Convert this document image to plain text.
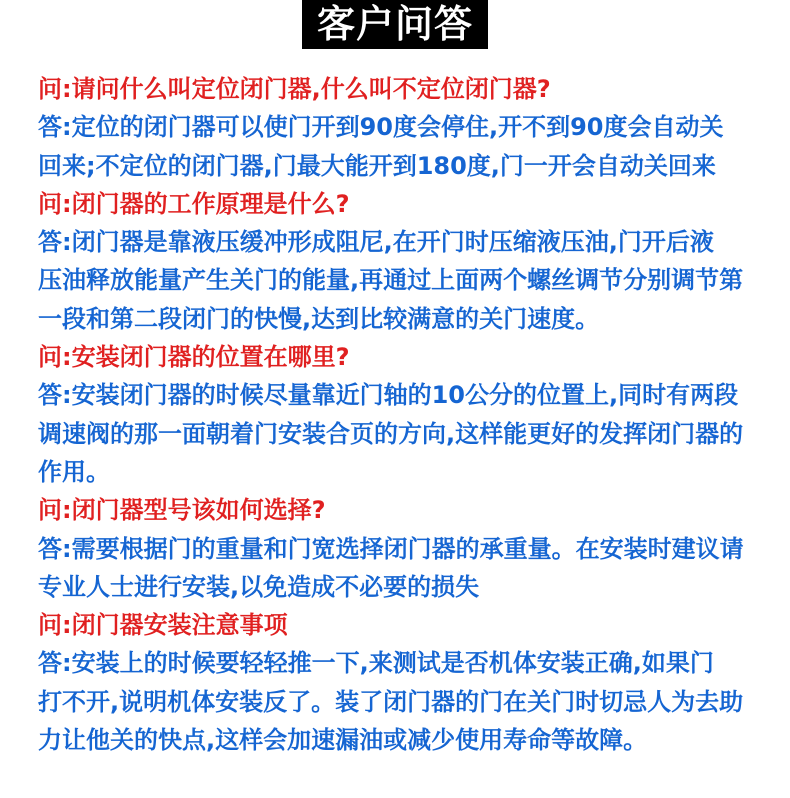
客户问答
问:请问什么叫定位闭门器,什么叫不定位闭门器?
答:定位的闭门器可以使门开到90度会停住,开不到90度会自动关
回来;不定位的闭门器,门最大能开到180度,门一开会自动关回来
问:闭门器的工作原理是什么?
答:闭门器是靠液压缓冲形成阻尼,在开门时压缩液压油,门开后液
压油释放能量产生关门的能量,再通过上面两个螺丝调节分别调节第
一段和第二段闭门的快慢,达到比较满意的关门速度。
问:安装闭门器的位置在哪里?
答:安装闭门器的时候尽量靠近门轴的10公分的位置上,同时有两段
调速阀的那一面朝着门安装合页的方向,这样能更好的发挥闭门器的
作用。
问:闭门器型号该如何选择?
答:需要根据门的重量和门宽选择闭门器的承重量。在安装时建议请
专业人士进行安装,以免造成不必要的损失
问:闭门器安装注意事项
答:安装上的时候要轻轻推一下,来测试是否机体安装正确,如果门
打不开,说明机体安装反了。装了闭门器的门在关门时切忌人为去助
力让他关的快点,这样会加速漏油或减少使用寿命等故障。
